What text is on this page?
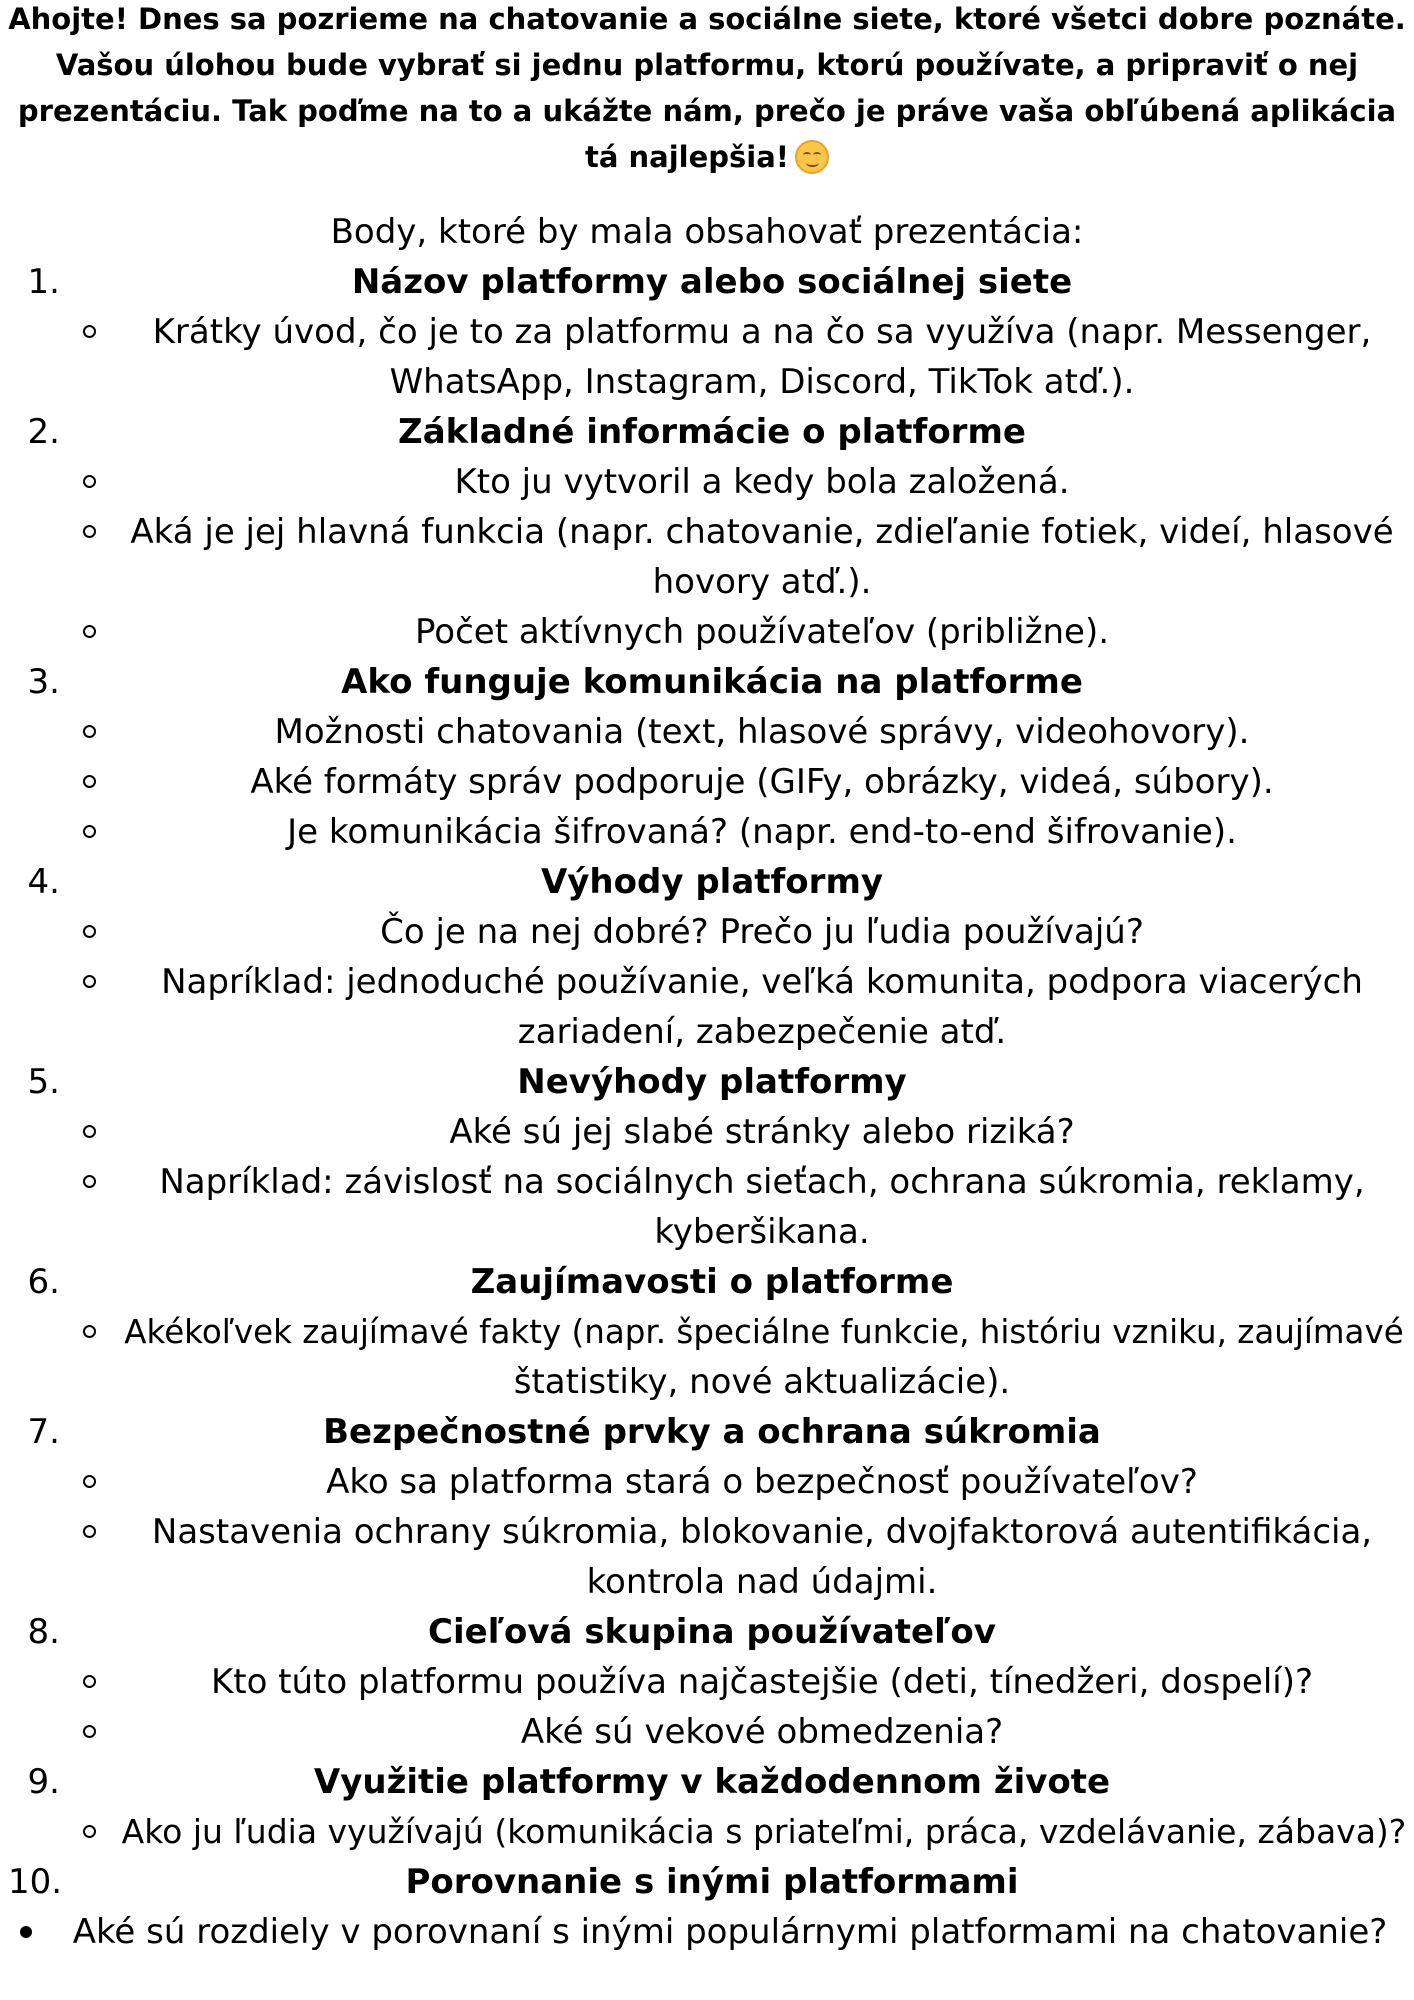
Ahojte! Dnes sa pozrieme na chatovanie a sociálne siete, ktoré všetci dobre poznáte.
Vašou úlohou bude vybrať si jednu platformu, ktorú používate, a pripraviť o nej
prezentáciu. Tak poďme na to a ukážte nám, prečo je práve vaša obľúbená aplikácia
tá najlepšia!
Body, ktoré by mala obsahovať prezentácia:
1.	Názov platformy alebo sociálnej siete
Krátky úvod, čo je to za platformu a na čo sa využíva (napr. Messenger,
WhatsApp, Instagram, Discord, TikTok atď.).
2.	Základné informácie o platforme
Kto ju vytvoril a kedy bola založená.
Aká je jej hlavná funkcia (napr. chatovanie, zdieľanie fotiek, videí, hlasové
hovory atď.).
Počet aktívnych používateľov (približne).
3.	Ako funguje komunikácia na platforme
Možnosti chatovania (text, hlasové správy, videohovory).
Aké formáty správ podporuje (GIFy, obrázky, videá, súbory).
Je komunikácia šifrovaná? (napr. end-to-end šifrovanie).
4.	Výhody platformy
Čo je na nej dobré? Prečo ju ľudia používajú?
Napríklad: jednoduché používanie, veľká komunita, podpora viacerých
zariadení, zabezpečenie atď.
5.	Nevýhody platformy
Aké sú jej slabé stránky alebo riziká?
Napríklad: závislosť na sociálnych sieťach, ochrana súkromia, reklamy,
kyberšikana.
6.	Zaujímavosti o platforme
Akékoľvek zaujímavé fakty (napr. špeciálne funkcie, históriu vzniku, zaujímavé
štatistiky, nové aktualizácie).
7.	Bezpečnostné prvky a ochrana súkromia
Ako sa platforma stará o bezpečnosť používateľov?
Nastavenia ochrany súkromia, blokovanie, dvojfaktorová autentifikácia,
kontrola nad údajmi.
8.	Cieľová skupina používateľov
Kto túto platformu používa najčastejšie (deti, tínedžeri, dospelí)?
Aké sú vekové obmedzenia?
9.	Využitie platformy v každodennom živote
Ako ju ľudia využívajú (komunikácia s priateľmi, práca, vzdelávanie, zábava)?
10.	Porovnanie s inými platformami
Aké sú rozdiely v porovnaní s inými populárnymi platformami na chatovanie?
